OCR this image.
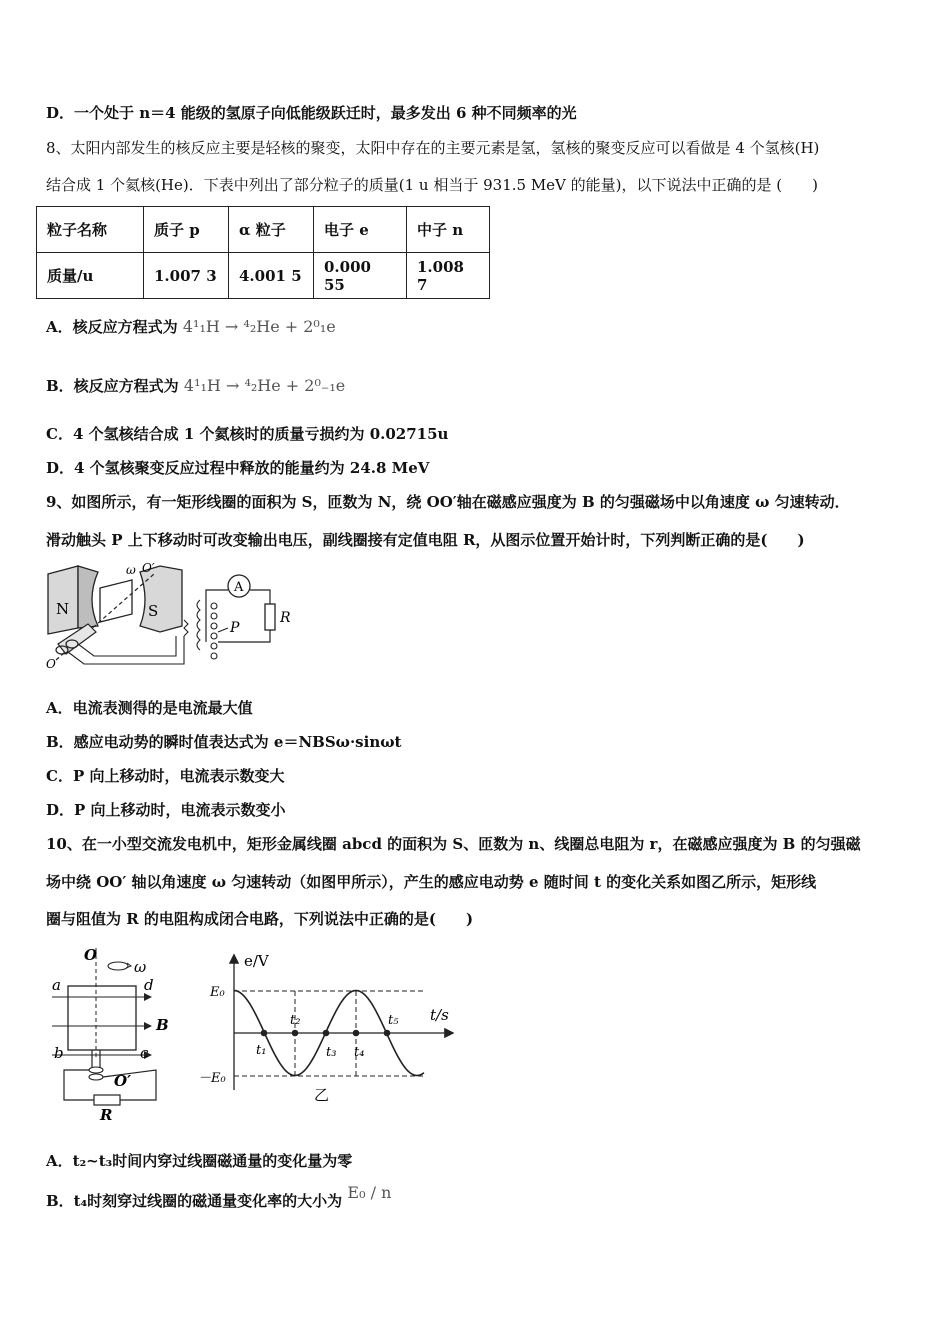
D．一个处于 n＝4 能级的氢原子向低能级跃迁时，最多发出 6 种不同频率的光
8、太阳内部发生的核反应主要是轻核的聚变，太阳中存在的主要元素是氢，氢核的聚变反应可以看做是 4 个氢核(H)
结合成 1 个氦核(He)．下表中列出了部分粒子的质量(1 u 相当于 931.5 MeV 的能量)，以下说法中正确的是 (　　)
粒子名称	质子 p	α 粒子	电子 e	中子 n
质量/u	1.007 3	4.001 5	0.000 55	1.008 7
A．核反应方程式为 4¹₁H → ⁴₂He + 2⁰₁e
B．核反应方程式为 4¹₁H → ⁴₂He + 2⁰₋₁e
C．4 个氢核结合成 1 个氦核时的质量亏损约为 0.02715u
D．4 个氢核聚变反应过程中释放的能量约为 24.8 MeV
9、如图所示，有一矩形线圈的面积为 S，匝数为 N，绕 OO′轴在磁感应强度为 B 的匀强磁场中以角速度 ω 匀速转动．
滑动触头 P 上下移动时可改变输出电压，副线圈接有定值电阻 R，从图示位置开始计时，下列判断正确的是(　　)
N	S
O
O′
ω
A
R
P
A．电流表测得的是电流最大值
B．感应电动势的瞬时值表达式为 e＝NBSω·sinωt
C．P 向上移动时，电流表示数变大
D．P 向上移动时，电流表示数变小
10、在一小型交流发电机中，矩形金属线圈 abcd 的面积为 S、匝数为 n、线圈总电阻为 r，在磁感应强度为 B 的匀强磁
场中绕 OO′ 轴以角速度 ω 匀速转动（如图甲所示），产生的感应电动势 e 随时间 t 的变化关系如图乙所示，矩形线
圈与阻值为 R 的电阻构成闭合电路，下列说法中正确的是(　　)
O
ω
a	d
B
b	c
O′
R
e/V
t/s
E₀
－E₀
t₁
t₂
t₃ t₄
t₅
乙
A．t₂~t₃时间内穿过线圈磁通量的变化量为零
B．t₄时刻穿过线圈的磁通量变化率的大小为 E₀ / n
